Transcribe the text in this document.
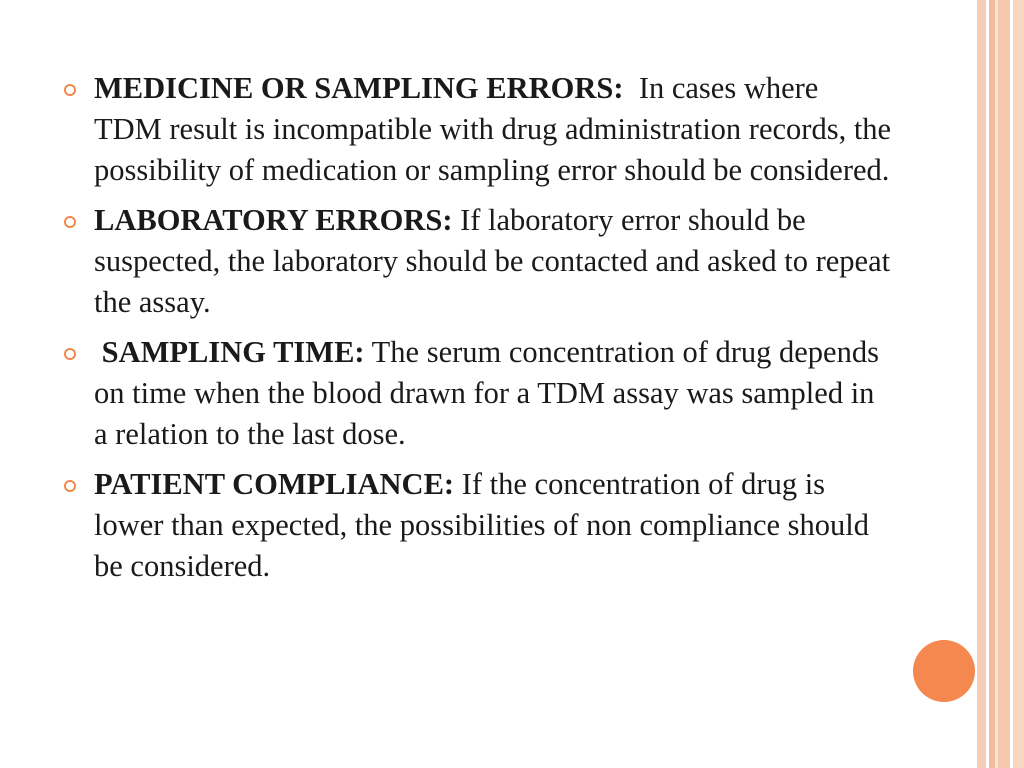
MEDICINE OR SAMPLING ERRORS:  In cases where TDM result is incompatible with drug administration records, the possibility of medication or sampling error should be considered.
LABORATORY ERRORS: If laboratory error should be suspected, the laboratory should be contacted and asked to repeat the assay.
SAMPLING TIME: The serum concentration of drug depends on time when the blood drawn for a TDM assay was sampled in a relation to the last dose.
PATIENT COMPLIANCE: If the concentration of drug is lower than expected, the possibilities of non compliance should be considered.
